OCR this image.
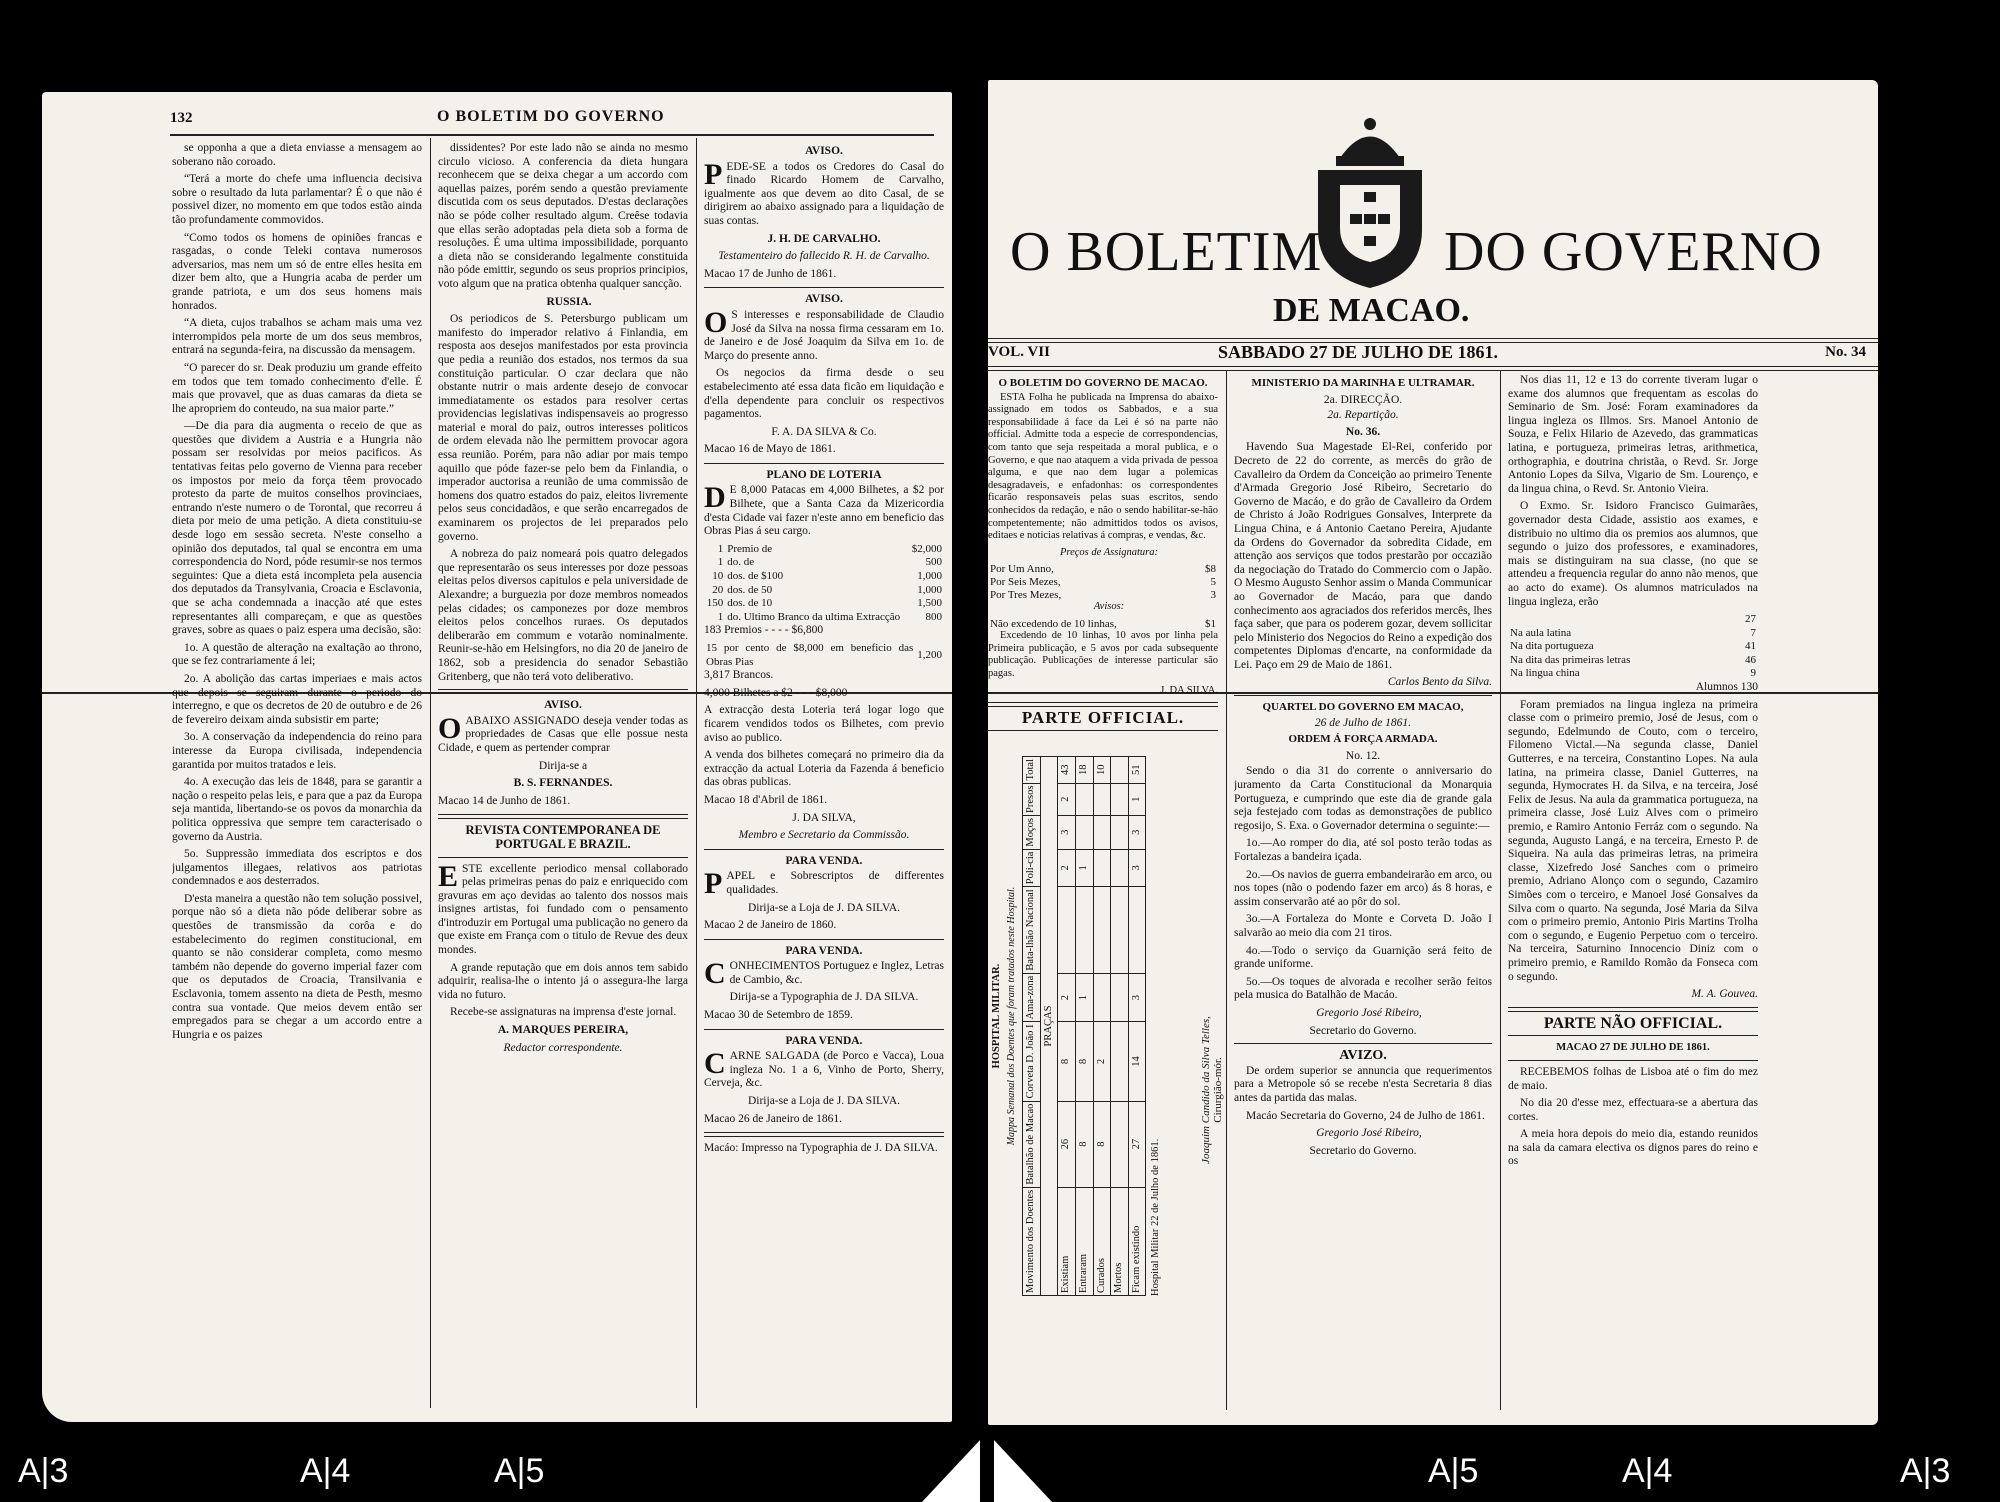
132	O BOLETIM DO GOVERNO

se opponha a que a dieta enviasse a mensagem ao soberano não coroado.

“Terá a morte do chefe uma influencia decisiva sobre o resultado da luta parlamentar? É o que não é possivel dizer, no momento em que todos estão ainda tão profundamente commovidos.

“Como todos os homens de opiniões francas e rasgadas, o conde Teleki contava numerosos adversarios, mas nem um só de entre elles hesita em dizer bem alto, que a Hungria acaba de perder um grande patriota, e um dos seus homens mais honrados.

“A dieta, cujos trabalhos se acham mais uma vez interrompidos pela morte de um dos seus membros, entrará na segunda-feira, na discussão da mensagem.

“O parecer do sr. Deak produziu um grande effeito em todos que tem tomado conhecimento d'elle. É mais que provavel, que as duas camaras da dieta se lhe apropriem do conteudo, na sua maior parte.”

—De dia para dia augmenta o receio de que as questões que dividem a Austria e a Hungria não possam ser resolvidas por meios pacificos. As tentativas feitas pelo governo de Vienna para receber os impostos por meio da força têem provocado protesto da parte de muitos conselhos provinciaes, entrando n'este numero o de Torontal, que recorreu á dieta por meio de uma petição. A dieta constituiu-se desde logo em sessão secreta. N'este conselho a opinião dos deputados, tal qual se encontra em uma correspondencia do Nord, póde resumir-se nos termos seguintes: Que a dieta está incompleta pela ausencia dos deputados da Transylvania, Croacia e Esclavonia, que se acha condemnada a inacção até que estes representantes alli compareçam, e que as questões graves, sobre as quaes o paiz espera uma decisão, são:

1o. A questão de alteração na exaltação ao throno, que se fez contrariamente á lei;

2o. A abolição das cartas imperiaes e mais actos que depois se seguiram durante o periodo do interregno, e que os decretos de 20 de outubro e de 26 de fevereiro deixam ainda subsistir em parte;

3o. A conservação da independencia do reino para interesse da Europa civilisada, independencia garantida por muitos tratados e leis.

4o. A execução das leis de 1848, para se garantir a nação o respeito pelas leis, e para que a paz da Europa seja mantida, libertando-se os povos da monarchia da politica oppressiva que sempre tem caracterisado o governo da Austria.

5o. Suppressão immediata dos escriptos e dos julgamentos illegaes, relativos aos patriotas condemnados e aos desterrados.

D'esta maneira a questão não tem solução possivel, porque não só a dieta não póde deliberar sobre as questões de transmissão da corôa e do estabelecimento do regimen constitucional, em quanto se não considerar completa, como mesmo também não depende do governo imperial fazer com que os deputados de Croacia, Transilvania e Esclavonia, tomem assento na dieta de Pesth, mesmo contra sua vontade. Que meios devem então ser empregados para se chegar a um accordo entre a Hungria e os paizes

dissidentes? Por este lado não se ainda no mesmo circulo vicioso. A conferencia da dieta hungara reconhecem que se deixa chegar a um accordo com aquellas paizes, porém sendo a questão previamente discutida com os seus deputados. D'estas declarações não se póde colher resultado algum. Creêse todavia que ellas serão adoptadas pela dieta sob a forma de resoluções. É uma ultima impossibilidade, porquanto a dieta não se considerando legalmente constituida não póde emittir, segundo os seus proprios principios, voto algum que na pratica obtenha qualquer sancção.

RUSSIA.

Os periodicos de S. Petersburgo publicam um manifesto do imperador relativo á Finlandia, em resposta aos desejos manifestados por esta provincia que pedia a reunião dos estados, nos termos da sua constituição particular. O czar declara que não obstante nutrir o mais ardente desejo de convocar immediatamente os estados para resolver certas providencias legislativas indispensaveis ao progresso material e moral do paiz, outros interesses politicos de ordem elevada não lhe permittem provocar agora essa reunião. Porém, para não adiar por mais tempo aquillo que póde fazer-se pelo bem da Finlandia, o imperador auctorisa a reunião de uma commissão de homens dos quatro estados do paiz, eleitos livremente pelos seus concidadãos, e que serão encarregados de examinarem os projectos de lei preparados pelo governo.

A nobreza do paiz nomeará pois quatro delegados que representarão os seus interesses por doze pessoas eleitas pelos diversos capitulos e pela universidade de Alexandre; a burguezia por doze membros nomeados pelas cidades; os camponezes por doze membros eleitos pelos concelhos ruraes. Os deputados deliberarão em commum e votarão nominalmente. Reunir-se-hão em Helsingfors, no dia 20 de janeiro de 1862, sob a presidencia do senador Sebastião Gritenberg, que não terá voto deliberativo.

AVISO.
O ABAIXO ASSIGNADO deseja vender todas as propriedades de Casas que elle possue nesta Cidade, e quem as pertender comprar

Dirija-se a

B. S. FERNANDES.

Macao 14 de Junho de 1861.

REVISTA CONTEMPORANEA DE PORTUGAL E BRAZIL.
E STE excellente periodico mensal collaborado pelas primeiras penas do paiz e enriquecido com gravuras em aço devidas ao talento dos nossos mais insignes artistas, foi fundado com o pensamento d'introduzir em Portugal uma publicação no genero da que existe em França com o titulo de Revue des deux mondes.

A grande reputação que em dois annos tem sabido adquirir, realisa-lhe o intento já o assegura-lhe larga vida no futuro.

Recebe-se assignaturas na imprensa d'este jornal.

A. MARQUES PEREIRA,

Redactor correspondente.

AVISO.
P EDE-SE a todos os Credores do Casal do finado Ricardo Homem de Carvalho, igualmente aos que devem ao dito Casal, de se dirigirem ao abaixo assignado para a liquidação de suas contas.

J. H. DE CARVALHO.

Testamenteiro do fallecido R. H. de Carvalho.

Macao 17 de Junho de 1861.

AVISO.
O S interesses e responsabilidade de Claudio José da Silva na nossa firma cessaram em 1o. de Janeiro e de José Joaquim da Silva em 1o. de Março do presente anno.

Os negocios da firma desde o seu estabelecimento até essa data ficão em liquidação e d'ella dependente para concluir os respectivos pagamentos.

F. A. DA SILVA & Co.

Macao 16 de Mayo de 1861.

PLANO DE LOTERIA
D E 8,000 Patacas em 4,000 Bilhetes, a $2 por Bilhete, que a Santa Caza da Mizericordia d'esta Cidade vai fazer n'este anno em beneficio das Obras Pias á seu cargo.

1	Premio de	$2,000
1	do. de	500
10	dos. de $100	1,000
20	dos. de 50	1,000
150	dos. de 10	1,500
1	do. Ultimo Branco da ultima Extracção	800

183 Premios - - - - $6,800

15 por cento de $8,000 em beneficio das Obras Pias	1,200

3,817 Brancos.

4,000 Bilhetes a $2 - - - $8,000

A extracção desta Loteria terá logar logo que ficarem vendidos todos os Bilhetes, com previo aviso ao publico.

A venda dos bilhetes começará no primeiro dia da extracção da actual Loteria da Fazenda á beneficio das obras publicas.

Macao 18 d'Abril de 1861.

J. DA SILVA,

Membro e Secretario da Commissão.

PARA VENDA.
P APEL e Sobrescriptos de differentes qualidades.

Dirija-se a Loja de J. DA SILVA.

Macao 2 de Janeiro de 1860.

PARA VENDA.
C ONHECIMENTOS Portuguez e Inglez, Letras de Cambio, &c.

Dirija-se a Typographia de J. DA SILVA.

Macao 30 de Setembro de 1859.

PARA VENDA.
C ARNE SALGADA (de Porco e Vacca), Loua ingleza No. 1 a 6, Vinho de Porto, Sherry, Cerveja, &c.

Dirija-se a Loja de J. DA SILVA.

Macao 26 de Janeiro de 1861.

Macáo: Impresso na Typographia de J. DA SILVA.

O BOLETIM DO GOVERNO
DE MACAO.
VOL. VII	SABBADO 27 DE JULHO DE 1861.	No. 34
O BOLETIM DO GOVERNO DE MACAO.

ESTA Folha he publicada na Imprensa do abaixo-assignado em todos os Sabbados, e a sua responsabilidade á face da Lei é só na parte não official. Admitte toda a especie de correspondencias, com tanto que seja respeitada a moral publica, e o Governo, e que nao ataquem a vida privada de pessoa alguma, e que nao dem lugar a polemicas desagradaveis, e enfadonhas: os correspondentes ficarão responsaveis pelas suas escritos, sendo conhecidos da redação, e não o sendo habilitar-se-hão competentemente; não admittidos todos os avisos, editaes e noticias relativas á compras, e vendas, &c.

Preços de Assignatura:

Por Um Anno,	$8
Por Seis Mezes,	5
Por Tres Mezes,	3

Avisos:

Não excedendo de 10 linhas,	$1

Excedendo de 10 linhas, 10 avos por linha pela Primeira publicação, e 5 avos por cada subsequente publicação. Publicações de interesse particular são pagas.

J. DA SILVA.

PARTE OFFICIAL.
HOSPITAL MILITAR. Mappa Semanal dos Doentes que foram tratados neste Hospital.
Movimento dos Doentes	Batalhão de Macao	Corveta D. João I	Ama-zona	Bata-lhão Nacional	Poli-cia	Moços	Presos	Total
PRAÇAS								
Existiam	26	8	2		2	3	2	43
Entraram	8	8	1		1			18
Curados	8	2						10
Mortos								
Ficam existindo	27	14	3		3	3	1	51
Hospital Militar 22 de Julho de 1861.
Joaquim Candido da Silva Telles, Cirurgião-mór.
MINISTERIO DA MARINHA E ULTRAMAR.
2a. DIRECÇÃO.
2a. Repartição.
No. 36.

Havendo Sua Magestade El-Rei, conferido por Decreto de 22 do corrente, as mercês do grão de Cavalleiro da Ordem da Conceição ao primeiro Tenente d'Armada Gregorio José Ribeiro, Secretario do Governo de Macáo, e do grão de Cavalleiro da Ordem de Christo á João Rodrigues Gonsalves, Interprete da Lingua China, e á Antonio Caetano Pereira, Ajudante da Ordens do Governador da sobredita Cidade, em attenção aos serviços que todos prestarão por occazião da negociação do Tratado do Commercio com o Japão. O Mesmo Augusto Senhor assim o Manda Communicar ao Governador de Macáo, para que dando conhecimento aos agraciados dos referidos mercês, lhes faça saber, que para os poderem gozar, devem sollicitar pelo Ministerio dos Negocios do Reino a expedição dos competentes Diplomas d'encarte, na conformidade da Lei. Paço em 29 de Maio de 1861.

Carlos Bento da Silva.

QUARTEL DO GOVERNO EM MACAO,
26 de Julho de 1861.
ORDEM Á FORÇA ARMADA.
No. 12.

Sendo o dia 31 do corrente o anniversario do juramento da Carta Constitucional da Monarquia Portugueza, e cumprindo que este dia de grande gala seja festejado com todas as demonstrações de publico regosijo, S. Exa. o Governador determina o seguinte:—

1o.—Ao romper do dia, até sol posto terão todas as Fortalezas a bandeira içada.

2o.—Os navios de guerra embandeirarão em arco, ou nos topes (não o podendo fazer em arco) ás 8 horas, e assim conservarão até ao pôr do sol.

3o.—A Fortaleza do Monte e Corveta D. João I salvarão ao meio dia com 21 tiros.

4o.—Todo o serviço da Guarnição será feito de grande uniforme.

5o.—Os toques de alvorada e recolher serão feitos pela musica do Batalhão de Macáo.

Gregorio José Ribeiro,

Secretario do Governo.

AVIZO.

De ordem superior se annuncia que requerimentos para a Metropole só se recebe n'esta Secretaria 8 dias antes da partida das malas.

Macáo Secretaria do Governo, 24 de Julho de 1861.

Gregorio José Ribeiro,

Secretario do Governo.

Nos dias 11, 12 e 13 do corrente tiveram lugar o exame dos alumnos que frequentam as escolas do Seminario de Sm. José: Foram examinadores da lingua ingleza os Illmos. Srs. Manoel Antonio de Souza, e Felix Hilario de Azevedo, das grammaticas latina, e portugueza, primeiras letras, arithmetica, orthographia, e doutrina christãa, o Revd. Sr. Jorge Antonio Lopes da Silva, Vigario de Sm. Lourenço, e da lingua china, o Revd. Sr. Antonio Vieira.

O Exmo. Sr. Isidoro Francisco Guimarães, governador desta Cidade, assistio aos exames, e distribuio no ultimo dia os premios aos alumnos, que segundo o juizo dos professores, e examinadores, mais se distinguiram na sua classe, (no que se attendeu a frequencia regular do anno não menos, que ao acto do exame). Os alumnos matriculados na lingua ingleza, erão

	27
Na aula latina	7
Na dita portugueza	41
Na dita das primeiras letras	46
Na lingua china	9

Alumnos 130

Foram premiados na lingua ingleza na primeira classe com o primeiro premio, José de Jesus, com o segundo, Edelmundo de Couto, com o terceiro, Filomeno Victal.—Na segunda classe, Daniel Gutterres, e na terceira, Constantino Lopes. Na aula latina, na primeira classe, Daniel Gutterres, na segunda, Hymocrates H. da Silva, e na terceira, José Felix de Jesus. Na aula da grammatica portugueza, na primeira classe, José Luiz Alves com o primeiro premio, e Ramiro Antonio Ferráz com o segundo. Na segunda, Augusto Langá, e na terceira, Ernesto P. de Siqueira. Na aula das primeiras letras, na primeira classe, Xizefredo José Sanches com o primeiro premio, Adriano Alonço com o segundo, Cazamiro Simões com o terceiro, e Manoel José Gonsalves da Silva com o quarto. Na segunda, José Maria da Silva com o primeiro premio, Antonio Piris Martins Trolha com o segundo, e Eugenio Perpetuo com o terceiro. Na terceira, Saturnino Innocencio Diniz com o primeiro premio, e Ramildo Romão da Fonseca com o segundo.

M. A. Gouvea.

PARTE NÃO OFFICIAL.
MACAO 27 DE JULHO DE 1861.

RECEBEMOS folhas de Lisboa até o fim do mez de maio.

No dia 20 d'esse mez, effectuara-se a abertura das cortes.

A meia hora depois do meio dia, estando reunidos na sala da camara electiva os dignos pares do reino e os

A|3	A|4	A|5	A|5	A|4	A|3
